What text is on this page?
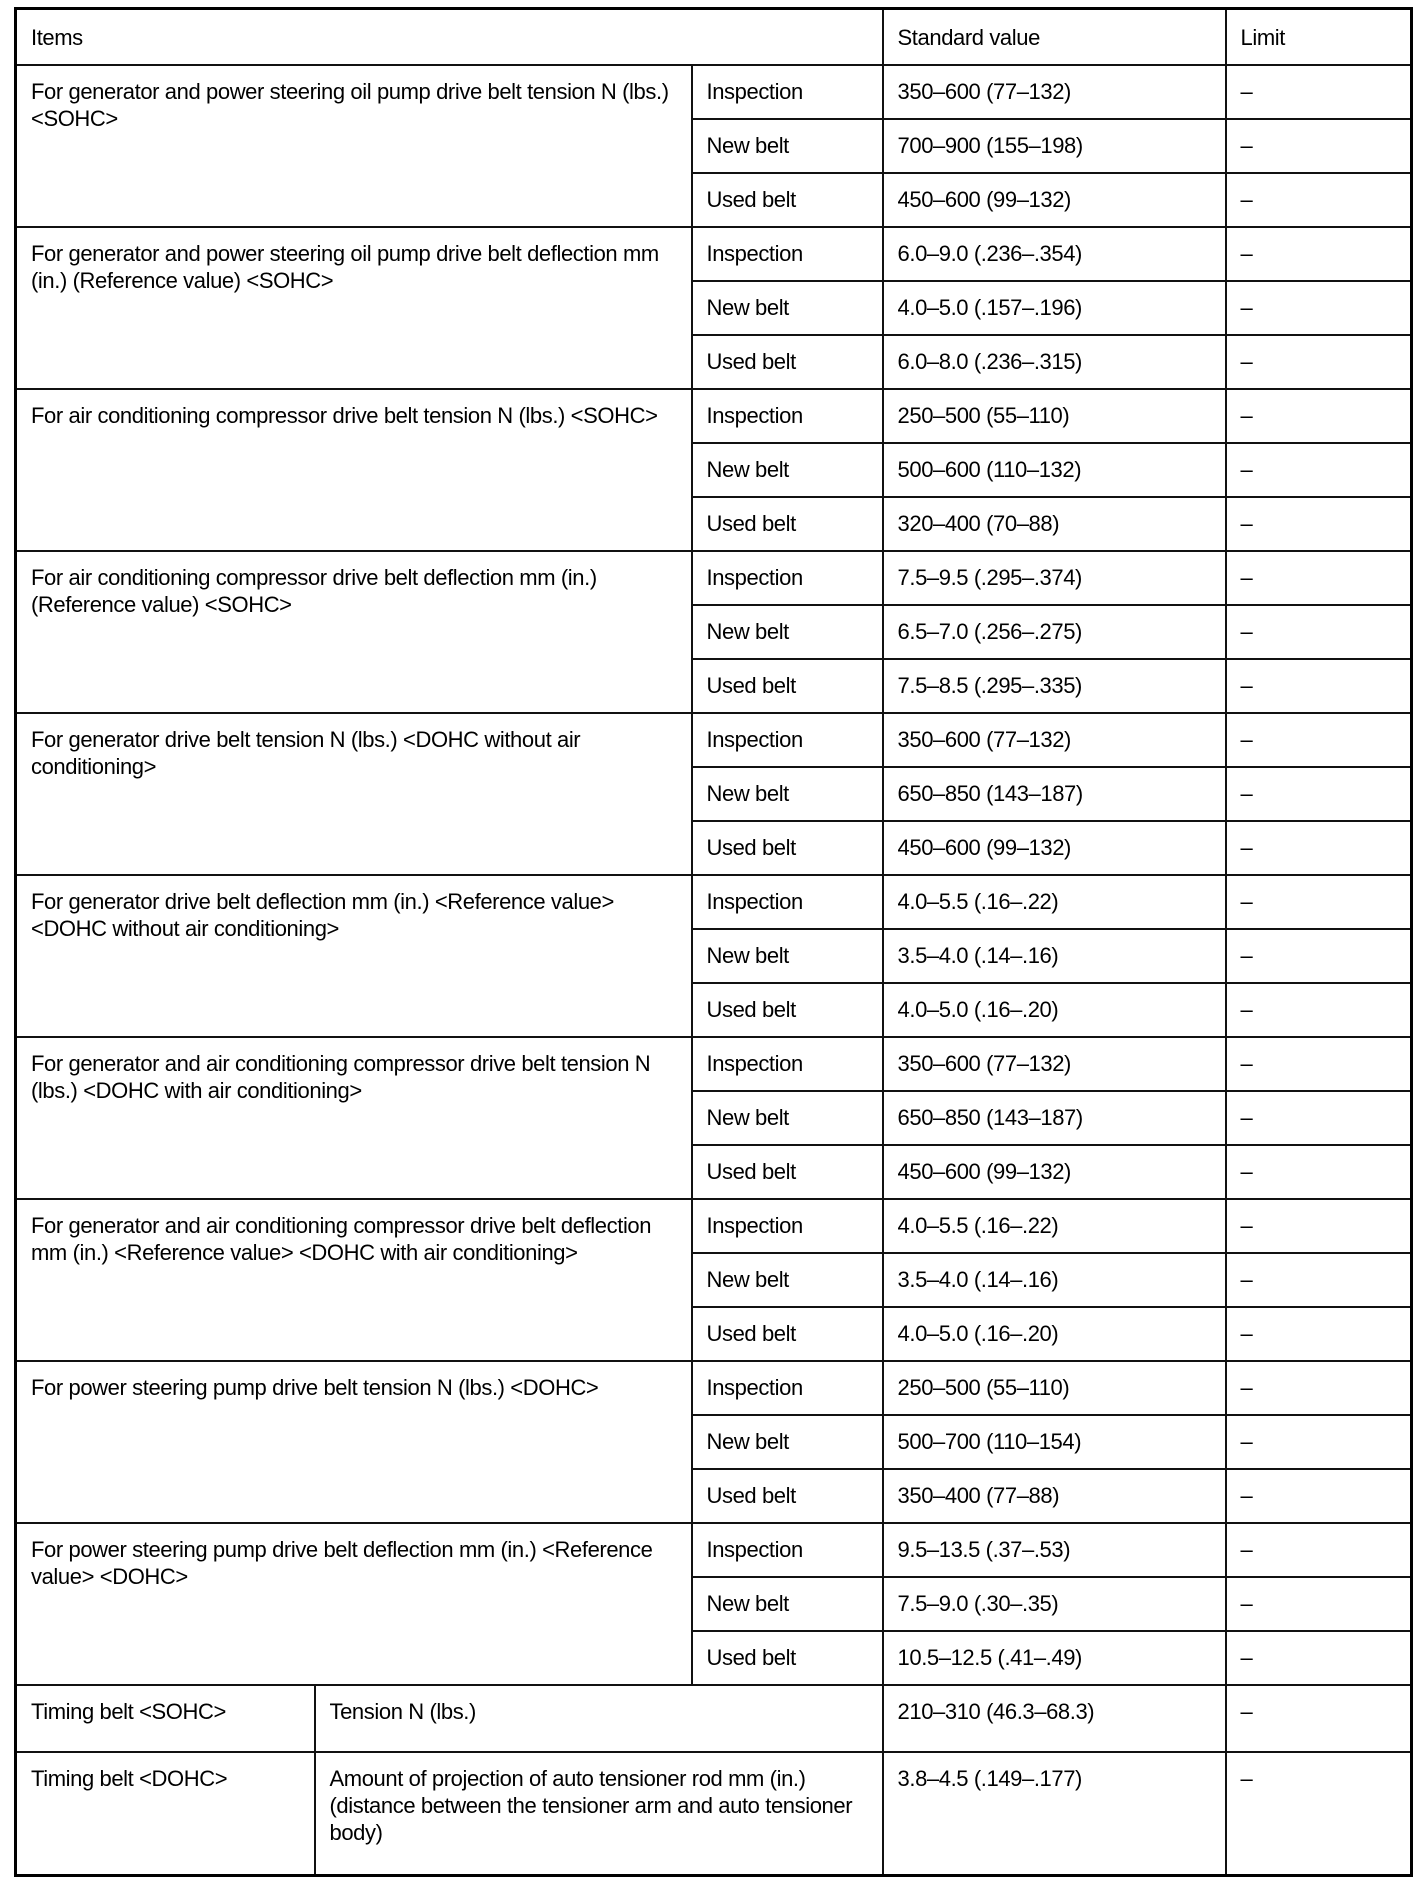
Items			Standard value	Limit
For generator and power steering oil pump drive belt tension N (lbs.) <SOHC>		Inspection	350–600 (77–132)	–
		New belt	700–900 (155–198)	–
		Used belt	450–600 (99–132)	–
For generator and power steering oil pump drive belt deflection mm (in.) (Reference value) <SOHC>		Inspection	6.0–9.0 (.236–.354)	–
		New belt	4.0–5.0 (.157–.196)	–
		Used belt	6.0–8.0 (.236–.315)	–
For air conditioning compressor drive belt tension N (lbs.) <SOHC>		Inspection	250–500 (55–110)	–
		New belt	500–600 (110–132)	–
		Used belt	320–400 (70–88)	–
For air conditioning compressor drive belt deflection mm (in.) (Reference value) <SOHC>		Inspection	7.5–9.5 (.295–.374)	–
		New belt	6.5–7.0 (.256–.275)	–
		Used belt	7.5–8.5 (.295–.335)	–
For generator drive belt tension N (lbs.) <DOHC without air conditioning>		Inspection	350–600 (77–132)	–
		New belt	650–850 (143–187)	–
		Used belt	450–600 (99–132)	–
For generator drive belt deflection mm (in.) <Reference value> <DOHC without air conditioning>		Inspection	4.0–5.5 (.16–.22)	–
		New belt	3.5–4.0 (.14–.16)	–
		Used belt	4.0–5.0 (.16–.20)	–
For generator and air conditioning compressor drive belt tension N (lbs.) <DOHC with air conditioning>		Inspection	350–600 (77–132)	–
		New belt	650–850 (143–187)	–
		Used belt	450–600 (99–132)	–
For generator and air conditioning compressor drive belt deflection mm (in.) <Reference value> <DOHC with air conditioning>		Inspection	4.0–5.5 (.16–.22)	–
		New belt	3.5–4.0 (.14–.16)	–
		Used belt	4.0–5.0 (.16–.20)	–
For power steering pump drive belt tension N (lbs.) <DOHC>		Inspection	250–500 (55–110)	–
		New belt	500–700 (110–154)	–
		Used belt	350–400 (77–88)	–
For power steering pump drive belt deflection mm (in.) <Reference value> <DOHC>		Inspection	9.5–13.5 (.37–.53)	–
		New belt	7.5–9.0 (.30–.35)	–
		Used belt	10.5–12.5 (.41–.49)	–
Timing belt <SOHC>	Tension N (lbs.)		210–310 (46.3–68.3)	–
Timing belt <DOHC>	Amount of projection of auto tensioner rod mm (in.) (distance between the tensioner arm and auto tensioner body)		3.8–4.5 (.149–.177)	–
